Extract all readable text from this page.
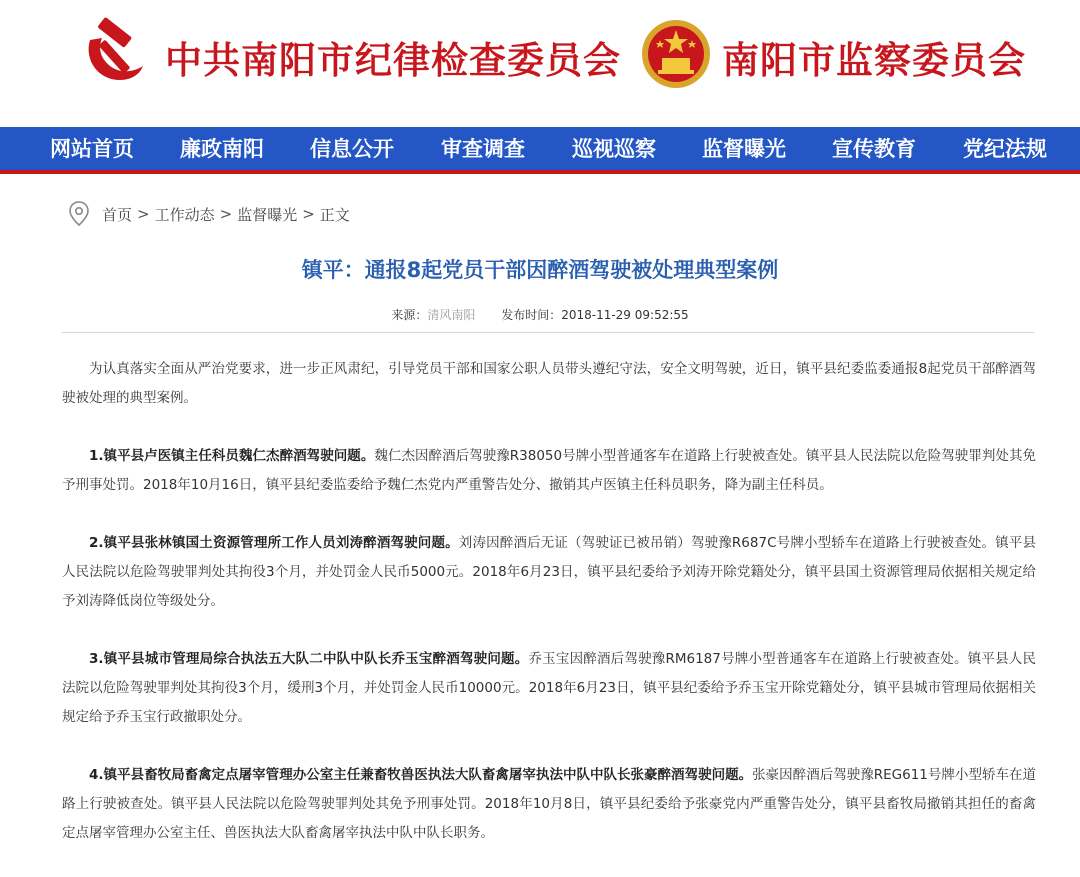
中共南阳市纪律检查委员会	南阳市监察委员会
网站首页 廉政南阳 信息公开 审查调查 巡视巡察 监督曝光 宣传教育 党纪法规
首页 > 工作动态 > 监督曝光 > 正文
镇平：通报8起党员干部因醉酒驾驶被处理典型案例
来源：清风南阳 发布时间：2018-11-29 09:52:55

为认真落实全面从严治党要求，进一步正风肃纪，引导党员干部和国家公职人员带头遵纪守法，安全文明驾驶，近日，镇平县纪委监委通报8起党员干部醉酒驾驶被处理的典型案例。

1.镇平县卢医镇主任科员魏仁杰醉酒驾驶问题。魏仁杰因醉酒后驾驶豫R38050号牌小型普通客车在道路上行驶被查处。镇平县人民法院以危险驾驶罪判处其免予刑事处罚。2018年10月16日，镇平县纪委监委给予魏仁杰党内严重警告处分、撤销其卢医镇主任科员职务，降为副主任科员。

2.镇平县张林镇国土资源管理所工作人员刘涛醉酒驾驶问题。刘涛因醉酒后无证（驾驶证已被吊销）驾驶豫R687C号牌小型轿车在道路上行驶被查处。镇平县人民法院以危险驾驶罪判处其拘役3个月，并处罚金人民币5000元。2018年6月23日，镇平县纪委给予刘涛开除党籍处分，镇平县国土资源管理局依据相关规定给予刘涛降低岗位等级处分。

3.镇平县城市管理局综合执法五大队二中队中队长乔玉宝醉酒驾驶问题。乔玉宝因醉酒后驾驶豫RM6187号牌小型普通客车在道路上行驶被查处。镇平县人民法院以危险驾驶罪判处其拘役3个月，缓刑3个月，并处罚金人民币10000元。2018年6月23日，镇平县纪委给予乔玉宝开除党籍处分，镇平县城市管理局依据相关规定给予乔玉宝行政撤职处分。

4.镇平县畜牧局畜禽定点屠宰管理办公室主任兼畜牧兽医执法大队畜禽屠宰执法中队中队长张豪醉酒驾驶问题。张豪因醉酒后驾驶豫REG611号牌小型轿车在道路上行驶被查处。镇平县人民法院以危险驾驶罪判处其免予刑事处罚。2018年10月8日，镇平县纪委给予张豪党内严重警告处分，镇平县畜牧局撤销其担任的畜禽定点屠宰管理办公室主任、兽医执法大队畜禽屠宰执法中队中队长职务。
